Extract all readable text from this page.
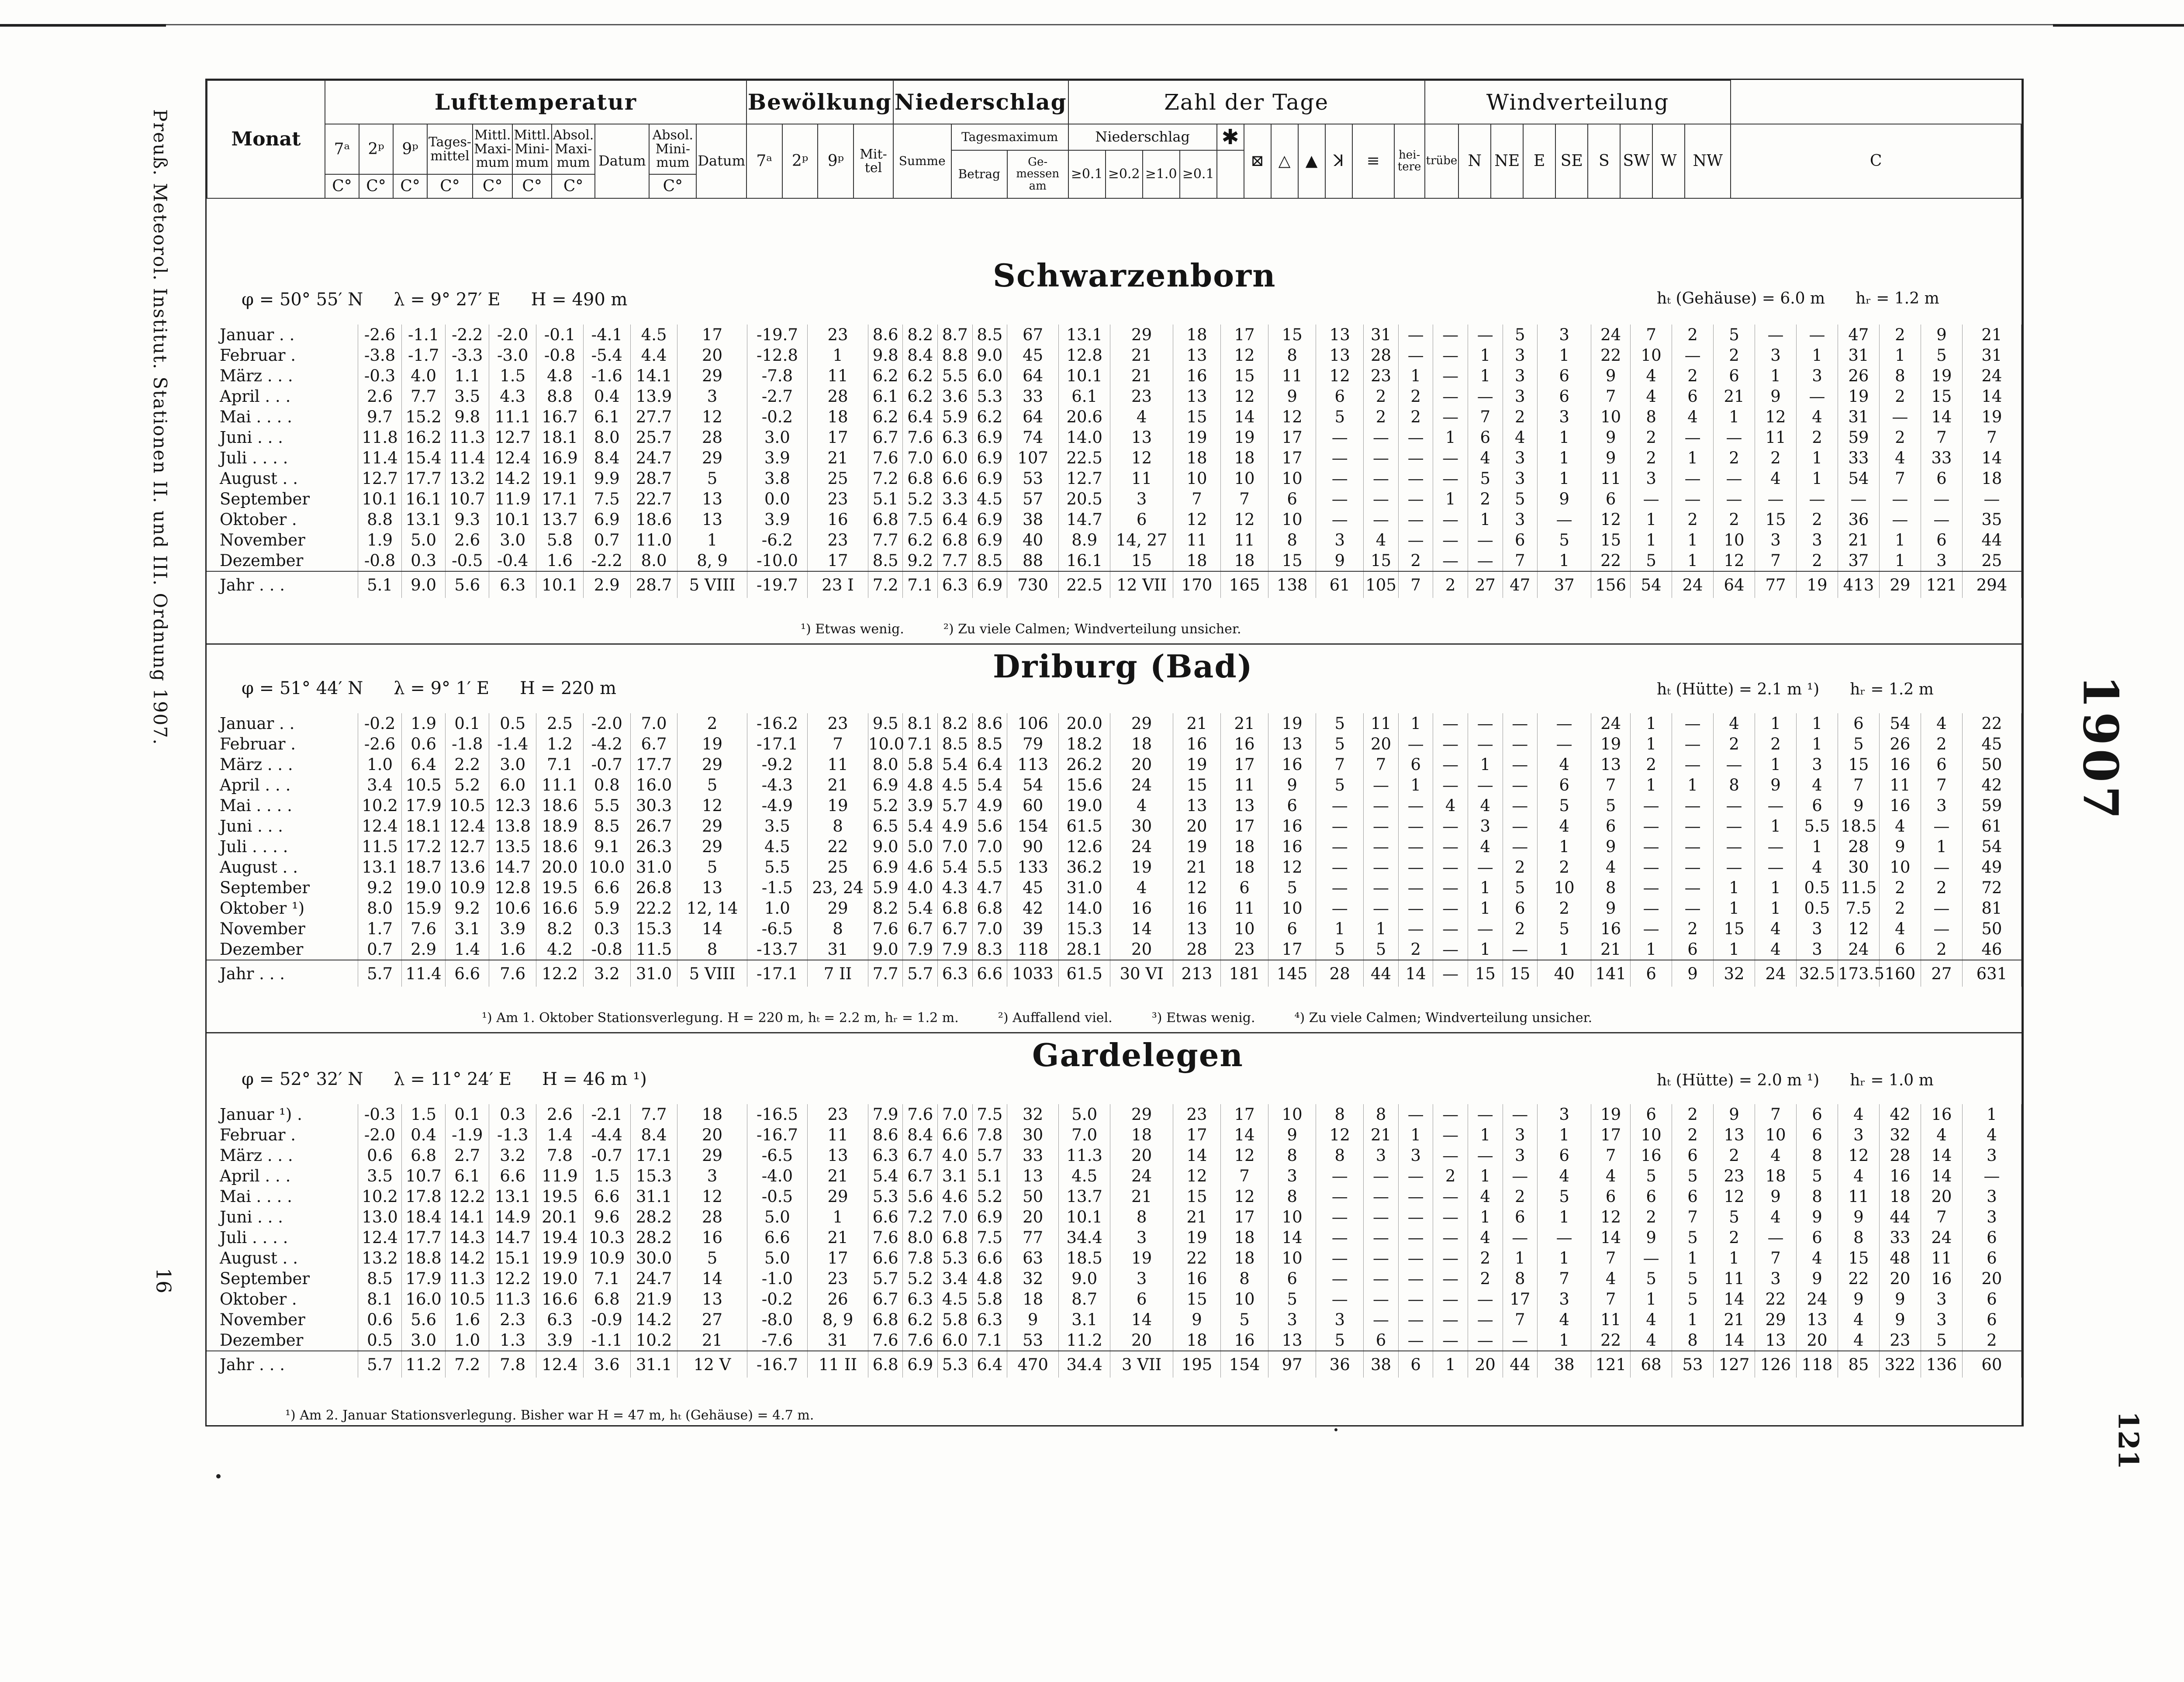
Preuß. Meteorol. Institut. Stationen II. und III. Ordnung 1907.
16
1907
121
Monat	Lufttemperatur										Bewölkung				Niederschlag			Zahl der Tage											Windverteilung									
	7ᵃ	2ᵖ	9ᵖ	Tages-mittel	Mittl. Maxi-mum	Mittl. Mini-mum	Absol. Maxi-mum	Datum	Absol. Mini-mum	Datum	7ᵃ	2ᵖ	9ᵖ	Mit-tel	Summe	Tagesmaximum		Niederschlag				✱	⊠	△	▲	ꓘ	≡	hei-tere	trübe	N	NE	E	SE	S	SW	W	NW	C
																Betrag	Ge-messen am	≥0.1	≥0.2	≥1.0	≥0.1																	
	C°	C°	C°	C°	C°	C°	C°		C°																													
Schwarzenborn
φ = 50° 55′ N λ = 9° 27′ E H = 490 m	hₜ (Gehäuse) = 6.0 m hᵣ = 1.2 m
Januar . .	-2.6	-1.1	-2.2	-2.0	-0.1	-4.1	4.5	17	-19.7	23	8.6	8.2	8.7	8.5	67	13.1	29	18	17	15	13	31	—	—	—	5	3	24	7	2	5	—	—	47	2	9	21
Februar .	-3.8	-1.7	-3.3	-3.0	-0.8	-5.4	4.4	20	-12.8	1	9.8	8.4	8.8	9.0	45	12.8	21	13	12	8	13	28	—	—	1	3	1	22	10	—	2	3	1	31	1	5	31
März . . .	-0.3	4.0	1.1	1.5	4.8	-1.6	14.1	29	-7.8	11	6.2	6.2	5.5	6.0	64	10.1	21	16	15	11	12	23	1	—	1	3	6	9	4	2	6	1	3	26	8	19	24
April . . .	2.6	7.7	3.5	4.3	8.8	0.4	13.9	3	-2.7	28	6.1	6.2	3.6	5.3	33	6.1	23	13	12	9	6	2	2	—	—	3	6	7	4	6	21	9	—	19	2	15	14
Mai . . . .	9.7	15.2	9.8	11.1	16.7	6.1	27.7	12	-0.2	18	6.2	6.4	5.9	6.2	64	20.6	4	15	14	12	5	2	2	—	7	2	3	10	8	4	1	12	4	31	—	14	19
Juni . . .	11.8	16.2	11.3	12.7	18.1	8.0	25.7	28	3.0	17	6.7	7.6	6.3	6.9	74	14.0	13	19	19	17	—	—	—	1	6	4	1	9	2	—	—	11	2	59	2	7	7
Juli . . . .	11.4	15.4	11.4	12.4	16.9	8.4	24.7	29	3.9	21	7.6	7.0	6.0	6.9	107	22.5	12	18	18	17	—	—	—	—	4	3	1	9	2	1	2	2	1	33	4	33	14
August . .	12.7	17.7	13.2	14.2	19.1	9.9	28.7	5	3.8	25	7.2	6.8	6.6	6.9	53	12.7	11	10	10	10	—	—	—	—	5	3	1	11	3	—	—	4	1	54	7	6	18
September	10.1	16.1	10.7	11.9	17.1	7.5	22.7	13	0.0	23	5.1	5.2	3.3	4.5	57	20.5	3	7	7	6	—	—	—	1	2	5	9	6	—	—	—	—	—	—	—	—	—
Oktober .	8.8	13.1	9.3	10.1	13.7	6.9	18.6	13	3.9	16	6.8	7.5	6.4	6.9	38	14.7	6	12	12	10	—	—	—	—	1	3	—	12	1	2	2	15	2	36	—	—	35
November	1.9	5.0	2.6	3.0	5.8	0.7	11.0	1	-6.2	23	7.7	6.2	6.8	6.9	40	8.9	14, 27	11	11	8	3	4	—	—	—	6	5	15	1	1	10	3	3	21	1	6	44
Dezember	-0.8	0.3	-0.5	-0.4	1.6	-2.2	8.0	8, 9	-10.0	17	8.5	9.2	7.7	8.5	88	16.1	15	18	18	15	9	15	2	—	—	7	1	22	5	1	12	7	2	37	1	3	25
Jahr . . .	5.1	9.0	5.6	6.3	10.1	2.9	28.7	5 VIII	-19.7	23 I	7.2	7.1	6.3	6.9	730	22.5	12 VII	170	165	138	61	105	7	2	27	47	37	156	54	24	64	77	19	413	29	121	294
¹) Etwas wenig.	²) Zu viele Calmen; Windverteilung unsicher.
Driburg (Bad)
φ = 51° 44′ N λ = 9° 1′ E H = 220 m	hₜ (Hütte) = 2.1 m ¹) hᵣ = 1.2 m
Januar . .	-0.2	1.9	0.1	0.5	2.5	-2.0	7.0	2	-16.2	23	9.5	8.1	8.2	8.6	106	20.0	29	21	21	19	5	11	1	—	—	—	—	24	1	—	4	1	1	6	54	4	22
Februar .	-2.6	0.6	-1.8	-1.4	1.2	-4.2	6.7	19	-17.1	7	10.0	7.1	8.5	8.5	79	18.2	18	16	16	13	5	20	—	—	—	—	—	19	1	—	2	2	1	5	26	2	45
März . . .	1.0	6.4	2.2	3.0	7.1	-0.7	17.7	29	-9.2	11	8.0	5.8	5.4	6.4	113	26.2	20	19	17	16	7	7	6	—	1	—	4	13	2	—	—	1	3	15	16	6	50
April . . .	3.4	10.5	5.2	6.0	11.1	0.8	16.0	5	-4.3	21	6.9	4.8	4.5	5.4	54	15.6	24	15	11	9	5	—	1	—	—	—	6	7	1	1	8	9	4	7	11	7	42
Mai . . . .	10.2	17.9	10.5	12.3	18.6	5.5	30.3	12	-4.9	19	5.2	3.9	5.7	4.9	60	19.0	4	13	13	6	—	—	—	4	4	—	5	5	—	—	—	—	6	9	16	3	59
Juni . . .	12.4	18.1	12.4	13.8	18.9	8.5	26.7	29	3.5	8	6.5	5.4	4.9	5.6	154	61.5	30	20	17	16	—	—	—	—	3	—	4	6	—	—	—	1	5.5	18.5	4	—	61
Juli . . . .	11.5	17.2	12.7	13.5	18.6	9.1	26.3	29	4.5	22	9.0	5.0	7.0	7.0	90	12.6	24	19	18	16	—	—	—	—	4	—	1	9	—	—	—	—	1	28	9	1	54
August . .	13.1	18.7	13.6	14.7	20.0	10.0	31.0	5	5.5	25	6.9	4.6	5.4	5.5	133	36.2	19	21	18	12	—	—	—	—	—	2	2	4	—	—	—	—	4	30	10	—	49
September	9.2	19.0	10.9	12.8	19.5	6.6	26.8	13	-1.5	23, 24	5.9	4.0	4.3	4.7	45	31.0	4	12	6	5	—	—	—	—	1	5	10	8	—	—	1	1	0.5	11.5	2	2	72
Oktober ¹)	8.0	15.9	9.2	10.6	16.6	5.9	22.2	12, 14	1.0	29	8.2	5.4	6.8	6.8	42	14.0	16	16	11	10	—	—	—	—	1	6	2	9	—	—	1	1	0.5	7.5	2	—	81
November	1.7	7.6	3.1	3.9	8.2	0.3	15.3	14	-6.5	8	7.6	6.7	6.7	7.0	39	15.3	14	13	10	6	1	1	—	—	—	2	5	16	—	2	15	4	3	12	4	—	50
Dezember	0.7	2.9	1.4	1.6	4.2	-0.8	11.5	8	-13.7	31	9.0	7.9	7.9	8.3	118	28.1	20	28	23	17	5	5	2	—	1	—	1	21	1	6	1	4	3	24	6	2	46
Jahr . . .	5.7	11.4	6.6	7.6	12.2	3.2	31.0	5 VIII	-17.1	7 II	7.7	5.7	6.3	6.6	1033	61.5	30 VI	213	181	145	28	44	14	—	15	15	40	141	6	9	32	24	32.5	173.5	160	27	631
¹) Am 1. Oktober Stationsverlegung. H = 220 m, hₜ = 2.2 m, hᵣ = 1.2 m.	²) Auffallend viel.	³) Etwas wenig.	⁴) Zu viele Calmen; Windverteilung unsicher.
Gardelegen
φ = 52° 32′ N λ = 11° 24′ E H = 46 m ¹)	hₜ (Hütte) = 2.0 m ¹) hᵣ = 1.0 m
Januar ¹) .	-0.3	1.5	0.1	0.3	2.6	-2.1	7.7	18	-16.5	23	7.9	7.6	7.0	7.5	32	5.0	29	23	17	10	8	8	—	—	—	—	3	19	6	2	9	7	6	4	42	16	1
Februar .	-2.0	0.4	-1.9	-1.3	1.4	-4.4	8.4	20	-16.7	11	8.6	8.4	6.6	7.8	30	7.0	18	17	14	9	12	21	1	—	1	3	1	17	10	2	13	10	6	3	32	4	4
März . . .	0.6	6.8	2.7	3.2	7.8	-0.7	17.1	29	-6.5	13	6.3	6.7	4.0	5.7	33	11.3	20	14	12	8	8	3	3	—	—	3	6	7	16	6	2	4	8	12	28	14	3
April . . .	3.5	10.7	6.1	6.6	11.9	1.5	15.3	3	-4.0	21	5.4	6.7	3.1	5.1	13	4.5	24	12	7	3	—	—	—	2	1	—	4	4	5	5	23	18	5	4	16	14	—
Mai . . . .	10.2	17.8	12.2	13.1	19.5	6.6	31.1	12	-0.5	29	5.3	5.6	4.6	5.2	50	13.7	21	15	12	8	—	—	—	—	4	2	5	6	6	6	12	9	8	11	18	20	3
Juni . . .	13.0	18.4	14.1	14.9	20.1	9.6	28.2	28	5.0	1	6.6	7.2	7.0	6.9	20	10.1	8	21	17	10	—	—	—	—	1	6	1	12	2	7	5	4	9	9	44	7	3
Juli . . . .	12.4	17.7	14.3	14.7	19.4	10.3	28.2	16	6.6	21	7.6	8.0	6.8	7.5	77	34.4	3	19	18	14	—	—	—	—	4	—	—	14	9	5	2	—	6	8	33	24	6
August . .	13.2	18.8	14.2	15.1	19.9	10.9	30.0	5	5.0	17	6.6	7.8	5.3	6.6	63	18.5	19	22	18	10	—	—	—	—	2	1	1	7	—	1	1	7	4	15	48	11	6
September	8.5	17.9	11.3	12.2	19.0	7.1	24.7	14	-1.0	23	5.7	5.2	3.4	4.8	32	9.0	3	16	8	6	—	—	—	—	2	8	7	4	5	5	11	3	9	22	20	16	20
Oktober .	8.1	16.0	10.5	11.3	16.6	6.8	21.9	13	-0.2	26	6.7	6.3	4.5	5.8	18	8.7	6	15	10	5	—	—	—	—	—	17	3	7	1	5	14	22	24	9	9	3	6
November	0.6	5.6	1.6	2.3	6.3	-0.9	14.2	27	-8.0	8, 9	6.8	6.2	5.8	6.3	9	3.1	14	9	5	3	3	—	—	—	—	7	4	11	4	1	21	29	13	4	9	3	6
Dezember	0.5	3.0	1.0	1.3	3.9	-1.1	10.2	21	-7.6	31	7.6	7.6	6.0	7.1	53	11.2	20	18	16	13	5	6	—	—	—	—	1	22	4	8	14	13	20	4	23	5	2
Jahr . . .	5.7	11.2	7.2	7.8	12.4	3.6	31.1	12 V	-16.7	11 II	6.8	6.9	5.3	6.4	470	34.4	3 VII	195	154	97	36	38	6	1	20	44	38	121	68	53	127	126	118	85	322	136	60
¹) Am 2. Januar Stationsverlegung. Bisher war H = 47 m, hₜ (Gehäuse) = 4.7 m.
